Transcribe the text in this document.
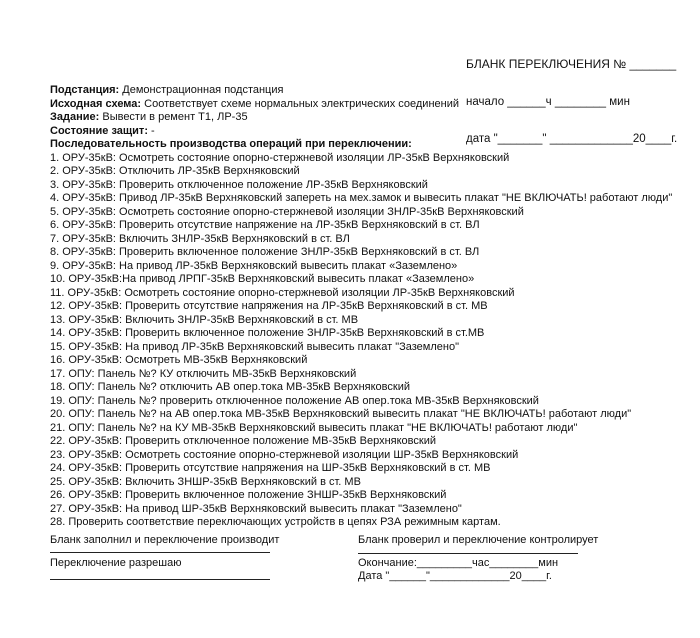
БЛАНК ПЕРЕКЛЮЧЕНИЯ № _______

начало ______ч ________ мин

дата "_______" _____________20____г.

Подстанция: Демонстрационная подстанция
Исходная схема: Соответствует схеме нормальных электрических соединений
Задание: Вывести в ремент Т1, ЛР-35
Состояние защит: -
Последовательность производства операций при переключении:
1. ОРУ-35кВ: Осмотреть состояние опорно-стержневой изоляции ЛР-35кВ Верхняковский
2. ОРУ-35кВ: Отключить ЛР-35кВ Верхняковский
3. ОРУ-35кВ: Проверить отключенное положение ЛР-35кВ Верхняковский
4. ОРУ-35кВ: Привод ЛР-35кВ Верхняковский запереть на мех.замок и вывесить плакат "НЕ ВКЛЮЧАТЬ! работают люди"
5. ОРУ-35кВ: Осмотреть состояние опорно-стержневой изоляции ЗНЛР-35кВ Верхняковский
6. ОРУ-35кВ: Проверить отсутствие напряжение на ЛР-35кВ Верхняковский в ст. ВЛ
7. ОРУ-35кВ: Включить ЗНЛР-35кВ Верхняковский в ст. ВЛ
8. ОРУ-35кВ: Проверить включенное положение ЗНЛР-35кВ Верхняковский в ст. ВЛ
9. ОРУ-35кВ: На привод ЛР-35кВ Верхняковский вывесить плакат «Заземлено»
10. ОРУ-35кВ:На привод ЛРПГ-35кВ Верхняковский вывесить плакат «Заземлено»
11. ОРУ-35кВ: Осмотреть состояние опорно-стержневой изоляции ЛР-35кВ Верхняковский
12. ОРУ-35кВ: Проверить отсутствие напряжения на ЛР-35кВ Верхняковский в ст. МВ
13. ОРУ-35кВ: Включить ЗНЛР-35кВ Верхняковский в ст. МВ
14. ОРУ-35кВ: Проверить включенное положение ЗНЛР-35кВ Верхняковский в ст.МВ
15. ОРУ-35кВ: На привод ЛР-35кВ Верхняковский вывесить плакат "Заземлено"
16. ОРУ-35кВ: Осмотреть МВ-35кВ Верхняковский
17. ОПУ: Панель №? КУ отключить МВ-35кВ Верхняковский
18. ОПУ: Панель №? отключить АВ опер.тока МВ-35кВ Верхняковский
19. ОПУ: Панель №? проверить отключенное положение АВ опер.тока МВ-35кВ Верхняковский
20. ОПУ: Панель №? на АВ опер.тока МВ-35кВ Верхняковский вывесить плакат "НЕ ВКЛЮЧАТЬ! работают люди"
21. ОПУ: Панель №? на КУ МВ-35кВ Верхняковский вывесить плакат "НЕ ВКЛЮЧАТЬ! работают люди"
22. ОРУ-35кВ: Проверить отключенное положение МВ-35кВ Верхняковский
23. ОРУ-35кВ: Осмотреть состояние опорно-стержневой изоляции ШР-35кВ Верхняковский
24. ОРУ-35кВ: Проверить отсутствие напряжения на ШР-35кВ Верхняковский в ст. МВ
25. ОРУ-35кВ: Включить ЗНШР-35кВ Верхняковский в ст. МВ
26. ОРУ-35кВ: Проверить включенное положение ЗНШР-35кВ Верхняковский
27. ОРУ-35кВ: На привод ШР-35кВ Верхняковский вывесить плакат "Заземлено"
28. Проверить соответствие переключающих устройств в цепях РЗА режимным картам.
Бланк заполнил и переключение производит
Переключение разрешаю
Бланк проверил и переключение контролирует
Окончание:_________час________мин
Дата "______"_____________20____г.
